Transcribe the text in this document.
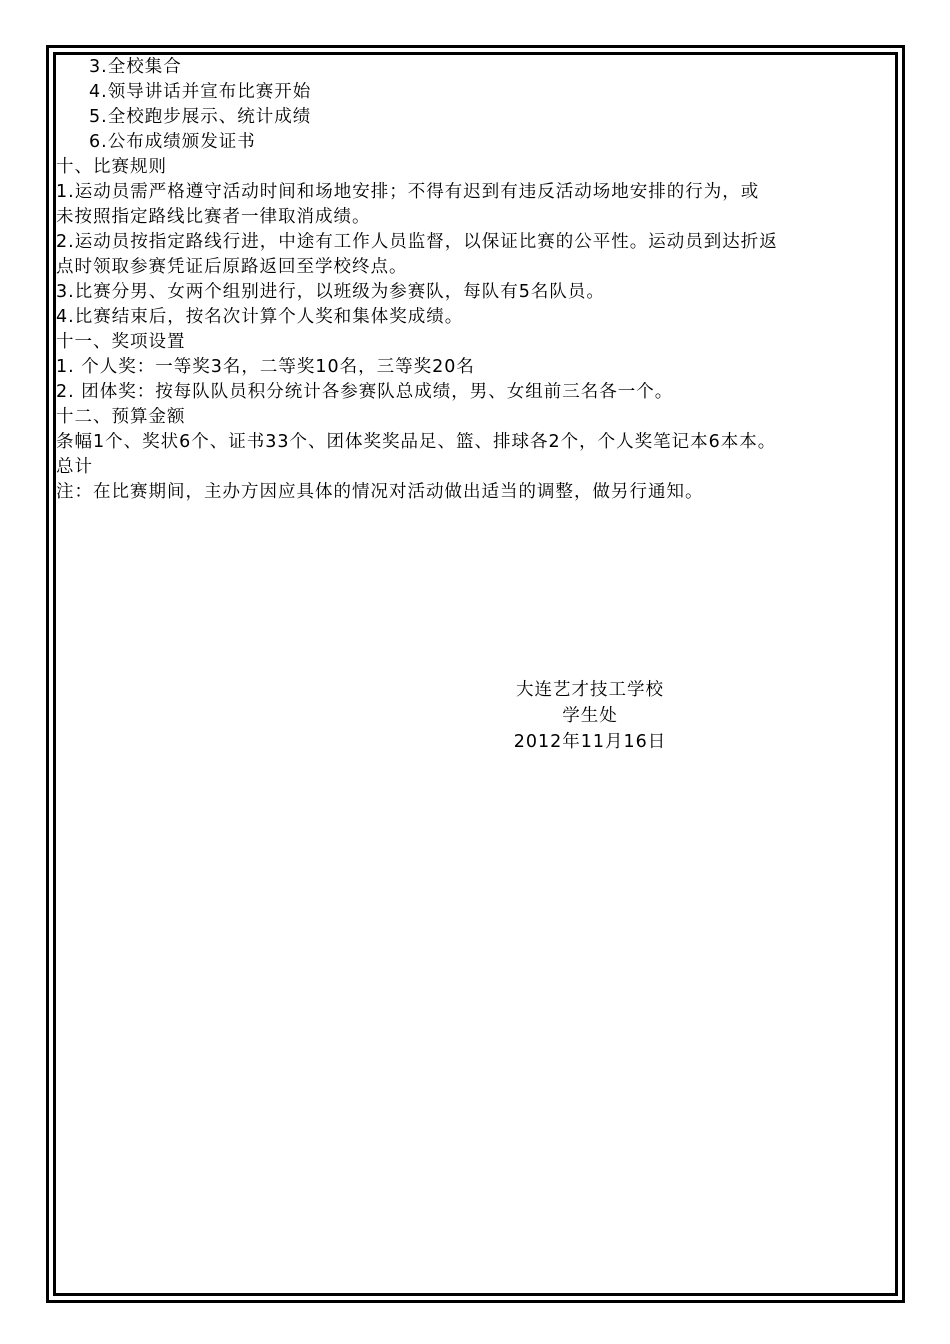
3.全校集合
4.领导讲话并宣布比赛开始
5.全校跑步展示、统计成绩
6.公布成绩颁发证书
十、比赛规则
1.运动员需严格遵守活动时间和场地安排；不得有迟到有违反活动场地安排的行为，或
未按照指定路线比赛者一律取消成绩。
2.运动员按指定路线行进，中途有工作人员监督，以保证比赛的公平性。运动员到达折返
点时领取参赛凭证后原路返回至学校终点。
3.比赛分男、女两个组别进行，以班级为参赛队，每队有5名队员。
4.比赛结束后，按名次计算个人奖和集体奖成绩。
十一、奖项设置
1. 个人奖：一等奖3名，二等奖10名，三等奖20名
2. 团体奖：按每队队员积分统计各参赛队总成绩，男、女组前三名各一个。
十二、预算金额
条幅1个、奖状6个、证书33个、团体奖奖品足、篮、排球各2个，个人奖笔记本6本本。
总计
注：在比赛期间，主办方因应具体的情况对活动做出适当的调整，做另行通知。
大连艺才技工学校
学生处
2012年11月16日
